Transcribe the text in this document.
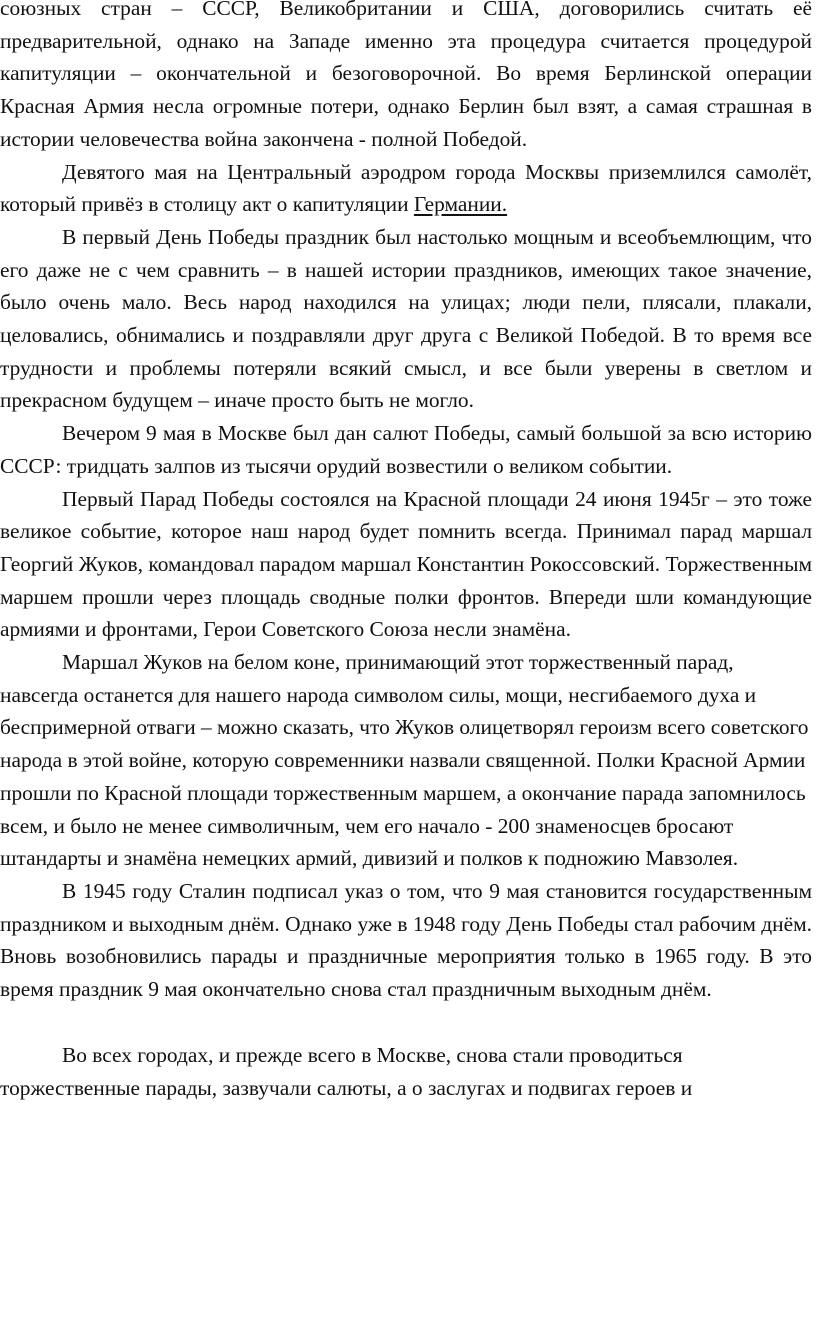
союзных стран – СССР, Великобритании и США, договорились считать её предварительной, однако на Западе именно эта процедура считается процедурой капитуляции – окончательной и безоговорочной. Во время Берлинской операции Красная Армия несла огромные потери, однако Берлин был взят, а самая страшная в истории человечества война закончена - полной Победой.

Девятого мая на Центральный аэродром города Москвы приземлился самолёт, который привёз в столицу акт о капитуляции Германии.

В первый День Победы праздник был настолько мощным и всеобъемлющим, что его даже не с чем сравнить – в нашей истории праздников, имеющих такое значение, было очень мало. Весь народ находился на улицах; люди пели, плясали, плакали, целовались, обнимались и поздравляли друг друга с Великой Победой. В то время все трудности и проблемы потеряли всякий смысл, и все были уверены в светлом и прекрасном будущем – иначе просто быть не могло.

Вечером 9 мая в Москве был дан салют Победы, самый большой за всю историю СССР: тридцать залпов из тысячи орудий возвестили о великом событии.

Первый Парад Победы состоялся на Красной площади 24 июня 1945г – это тоже великое событие, которое наш народ будет помнить всегда. Принимал парад маршал Георгий Жуков, командовал парадом маршал Константин Рокоссовский. Торжественным маршем прошли через площадь сводные полки фронтов. Впереди шли командующие армиями и фронтами, Герои Советского Союза несли знамёна.

Маршал Жуков на белом коне, принимающий этот торжественный парад, навсегда останется для нашего народа символом силы, мощи, несгибаемого духа и беспримерной отваги – можно сказать, что Жуков олицетворял героизм всего советского народа в этой войне, которую современники назвали священной. Полки Красной Армии прошли по Красной площади торжественным маршем, а окончание парада запомнилось всем, и было не менее символичным, чем его начало - 200 знаменосцев бросают штандарты и знамёна немецких армий, дивизий и полков к подножию Мавзолея.

В 1945 году Сталин подписал указ о том, что 9 мая становится государственным праздником и выходным днём. Однако уже в 1948 году День Победы стал рабочим днём. Вновь возобновились парады и праздничные мероприятия только в 1965 году. В это время праздник 9 мая окончательно снова стал праздничным выходным днём.

Во всех городах, и прежде всего в Москве, снова стали проводиться торжественные парады, зазвучали салюты, а о заслугах и подвигах героев и
